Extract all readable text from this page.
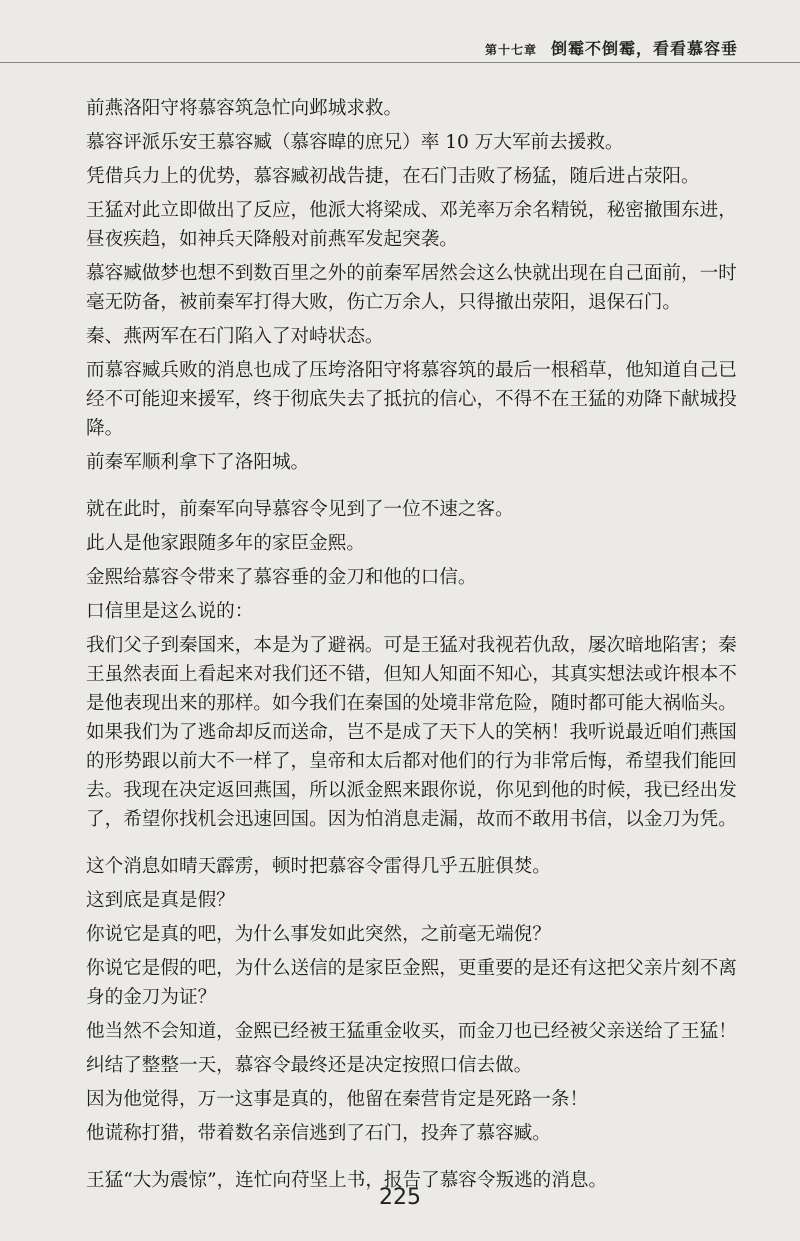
第十七章 倒霉不倒霉，看看慕容垂

前燕洛阳守将慕容筑急忙向邺城求救。

慕容评派乐安王慕容臧（慕容暐的庶兄）率 10 万大军前去援救。

凭借兵力上的优势，慕容臧初战告捷，在石门击败了杨猛，随后进占荥阳。

王猛对此立即做出了反应，他派大将梁成、邓羌率万余名精锐，秘密撤围东进，昼夜疾趋，如神兵天降般对前燕军发起突袭。

慕容臧做梦也想不到数百里之外的前秦军居然会这么快就出现在自己面前，一时毫无防备，被前秦军打得大败，伤亡万余人，只得撤出荥阳，退保石门。

秦、燕两军在石门陷入了对峙状态。

而慕容臧兵败的消息也成了压垮洛阳守将慕容筑的最后一根稻草，他知道自己已经不可能迎来援军，终于彻底失去了抵抗的信心，不得不在王猛的劝降下献城投降。

前秦军顺利拿下了洛阳城。

就在此时，前秦军向导慕容令见到了一位不速之客。

此人是他家跟随多年的家臣金熙。

金熙给慕容令带来了慕容垂的金刀和他的口信。

口信里是这么说的：

我们父子到秦国来，本是为了避祸。可是王猛对我视若仇敌，屡次暗地陷害；秦王虽然表面上看起来对我们还不错，但知人知面不知心，其真实想法或许根本不是他表现出来的那样。如今我们在秦国的处境非常危险，随时都可能大祸临头。如果我们为了逃命却反而送命，岂不是成了天下人的笑柄！我听说最近咱们燕国的形势跟以前大不一样了，皇帝和太后都对他们的行为非常后悔，希望我们能回去。我现在决定返回燕国，所以派金熙来跟你说，你见到他的时候，我已经出发了，希望你找机会迅速回国。因为怕消息走漏，故而不敢用书信，以金刀为凭。

这个消息如晴天霹雳，顿时把慕容令雷得几乎五脏俱焚。

这到底是真是假？

你说它是真的吧，为什么事发如此突然，之前毫无端倪？

你说它是假的吧，为什么送信的是家臣金熙，更重要的是还有这把父亲片刻不离身的金刀为证？

他当然不会知道，金熙已经被王猛重金收买，而金刀也已经被父亲送给了王猛！

纠结了整整一天，慕容令最终还是决定按照口信去做。

因为他觉得，万一这事是真的，他留在秦营肯定是死路一条！

他谎称打猎，带着数名亲信逃到了石门，投奔了慕容臧。

王猛“大为震惊”，连忙向苻坚上书，报告了慕容令叛逃的消息。

225
